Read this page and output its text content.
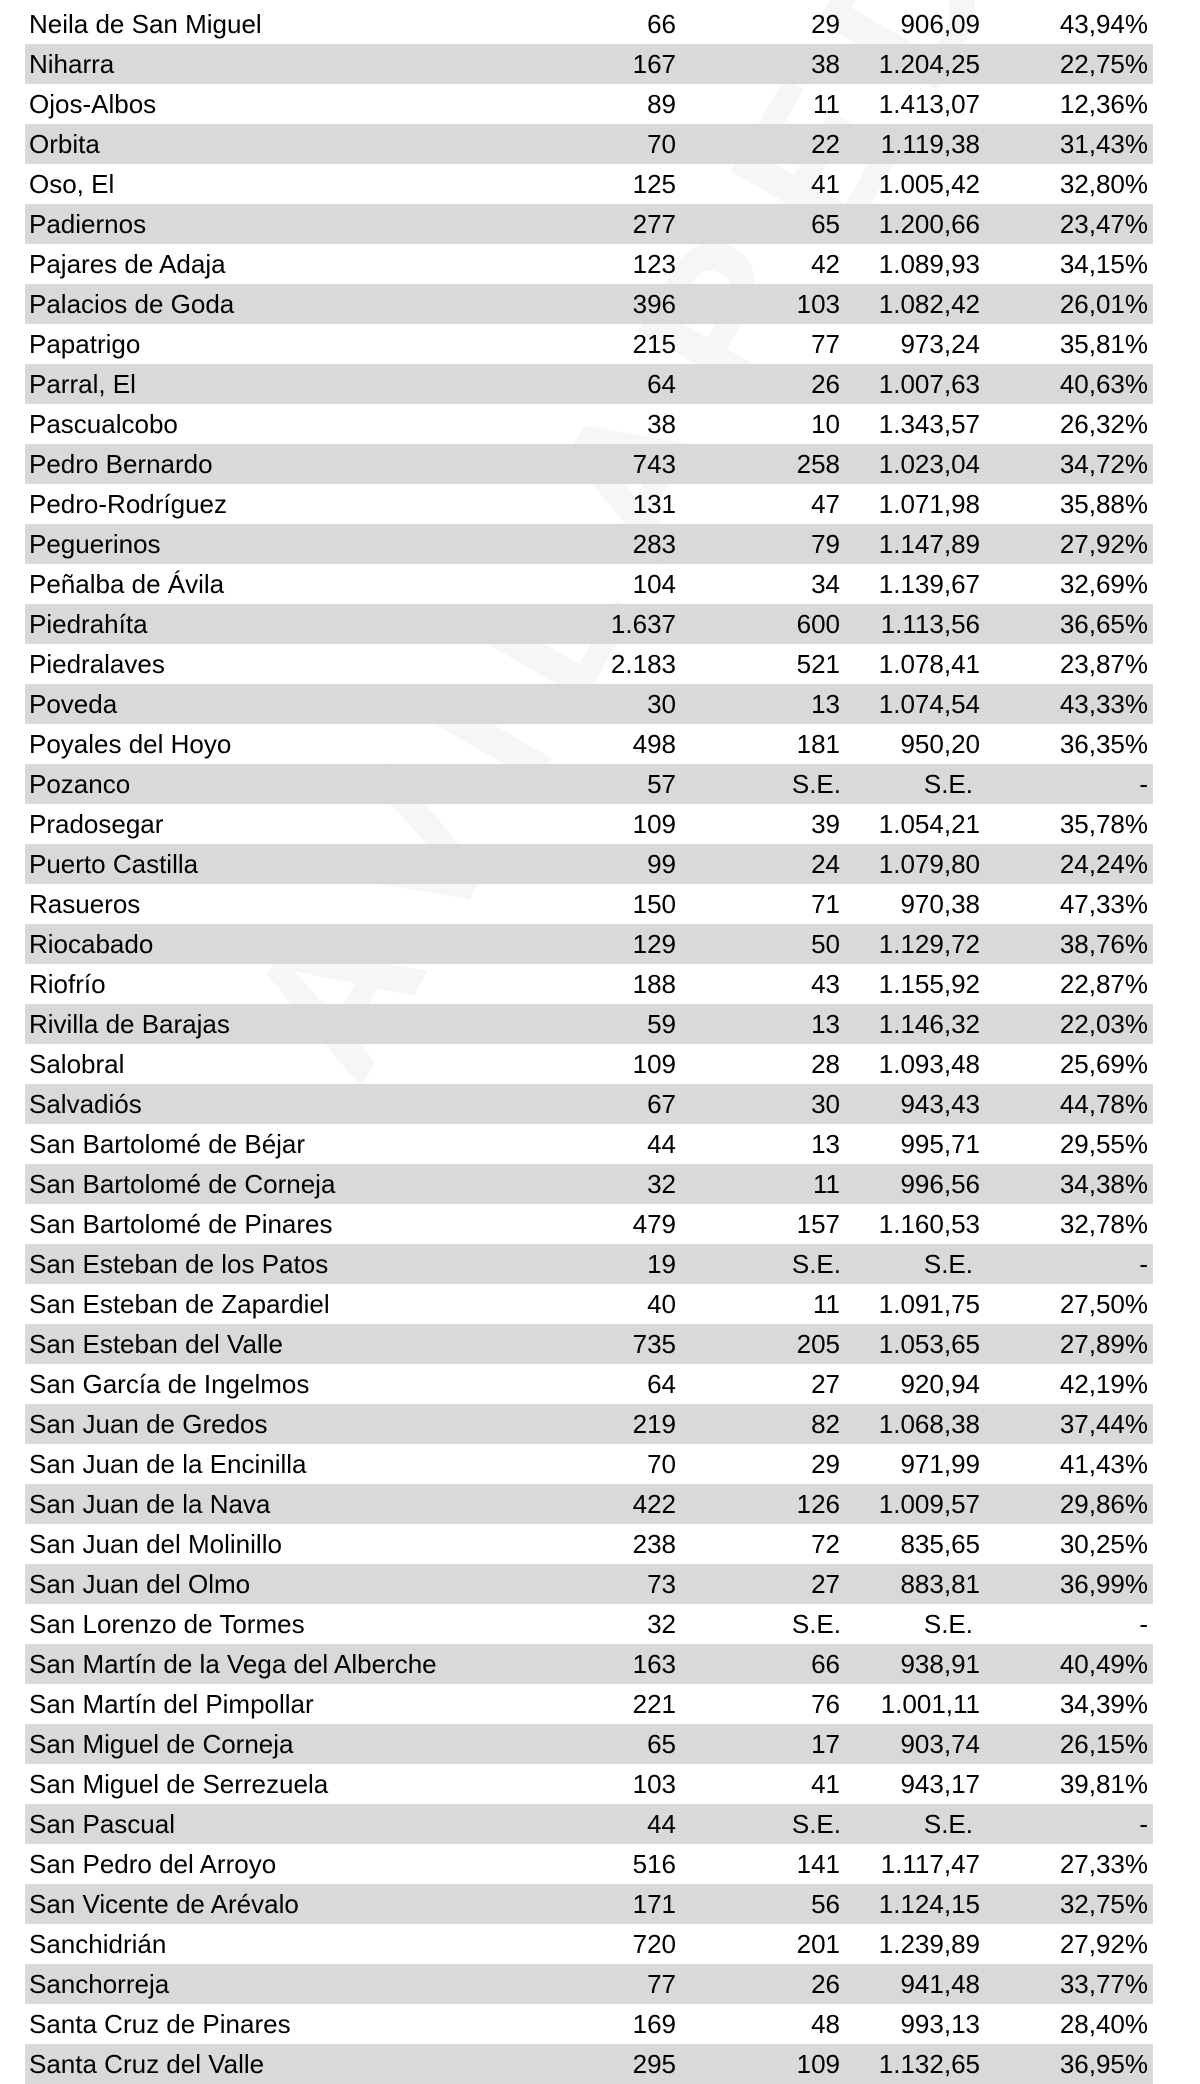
Neila de San Miguel	66	29 906,09	43,94%
Niharra	167	38 1.204,25	22,75%
Ojos-Albos	89	11 1.413,07	12,36%
Orbita	70	22 1.119,38	31,43%
Oso, El	125	41 1.005,42	32,80%
Padiernos	277	65 1.200,66	23,47%
Pajares de Adaja	123	42 1.089,93	34,15%
Palacios de Goda	396	103 1.082,42	26,01%
Papatrigo	215	77 973,24	35,81%
Parral, El	64	26 1.007,63	40,63%
Pascualcobo	38	10 1.343,57	26,32%
Pedro Bernardo	743	258 1.023,04	34,72%
Pedro-Rodríguez	131	47 1.071,98	35,88%
Peguerinos	283	79 1.147,89	27,92%
Peñalba de Ávila	104	34 1.139,67	32,69%
Piedrahíta	1.637	600 1.113,56	36,65%
Piedralaves	2.183	521 1.078,41	23,87%
Poveda	30	13 1.074,54	43,33%
Poyales del Hoyo	498	181 950,20	36,35%
Pozanco	57	S.E.	S.E.	-
Pradosegar	109	39 1.054,21	35,78%
Puerto Castilla	99	24 1.079,80	24,24%
Rasueros	150	71 970,38	47,33%
Riocabado	129	50 1.129,72	38,76%
Riofrío	188	43 1.155,92	22,87%
Rivilla de Barajas	59	13 1.146,32	22,03%
Salobral	109	28 1.093,48	25,69%
Salvadiós	67	30 943,43	44,78%
San Bartolomé de Béjar	44	13 995,71	29,55%
San Bartolomé de Corneja	32	11 996,56	34,38%
San Bartolomé de Pinares	479	157 1.160,53	32,78%
San Esteban de los Patos	19	S.E.	S.E.	-
San Esteban de Zapardiel	40	11 1.091,75	27,50%
San Esteban del Valle	735	205 1.053,65	27,89%
San García de Ingelmos	64	27 920,94	42,19%
San Juan de Gredos	219	82 1.068,38	37,44%
San Juan de la Encinilla	70	29 971,99	41,43%
San Juan de la Nava	422	126 1.009,57	29,86%
San Juan del Molinillo	238	72 835,65	30,25%
San Juan del Olmo	73	27 883,81	36,99%
San Lorenzo de Tormes	32	S.E.	S.E.	-
San Martín de la Vega del Alberche	163	66 938,91	40,49%
San Martín del Pimpollar	221	76 1.001,11	34,39%
San Miguel de Corneja	65	17 903,74	26,15%
San Miguel de Serrezuela	103	41 943,17	39,81%
San Pascual	44	S.E.	S.E.	-
San Pedro del Arroyo	516	141 1.117,47	27,33%
San Vicente de Arévalo	171	56 1.124,15	32,75%
Sanchidrián	720	201 1.239,89	27,92%
Sanchorreja	77	26 941,48	33,77%
Santa Cruz de Pinares	169	48 993,13	28,40%
Santa Cruz del Valle	295	109 1.132,65	36,95%
